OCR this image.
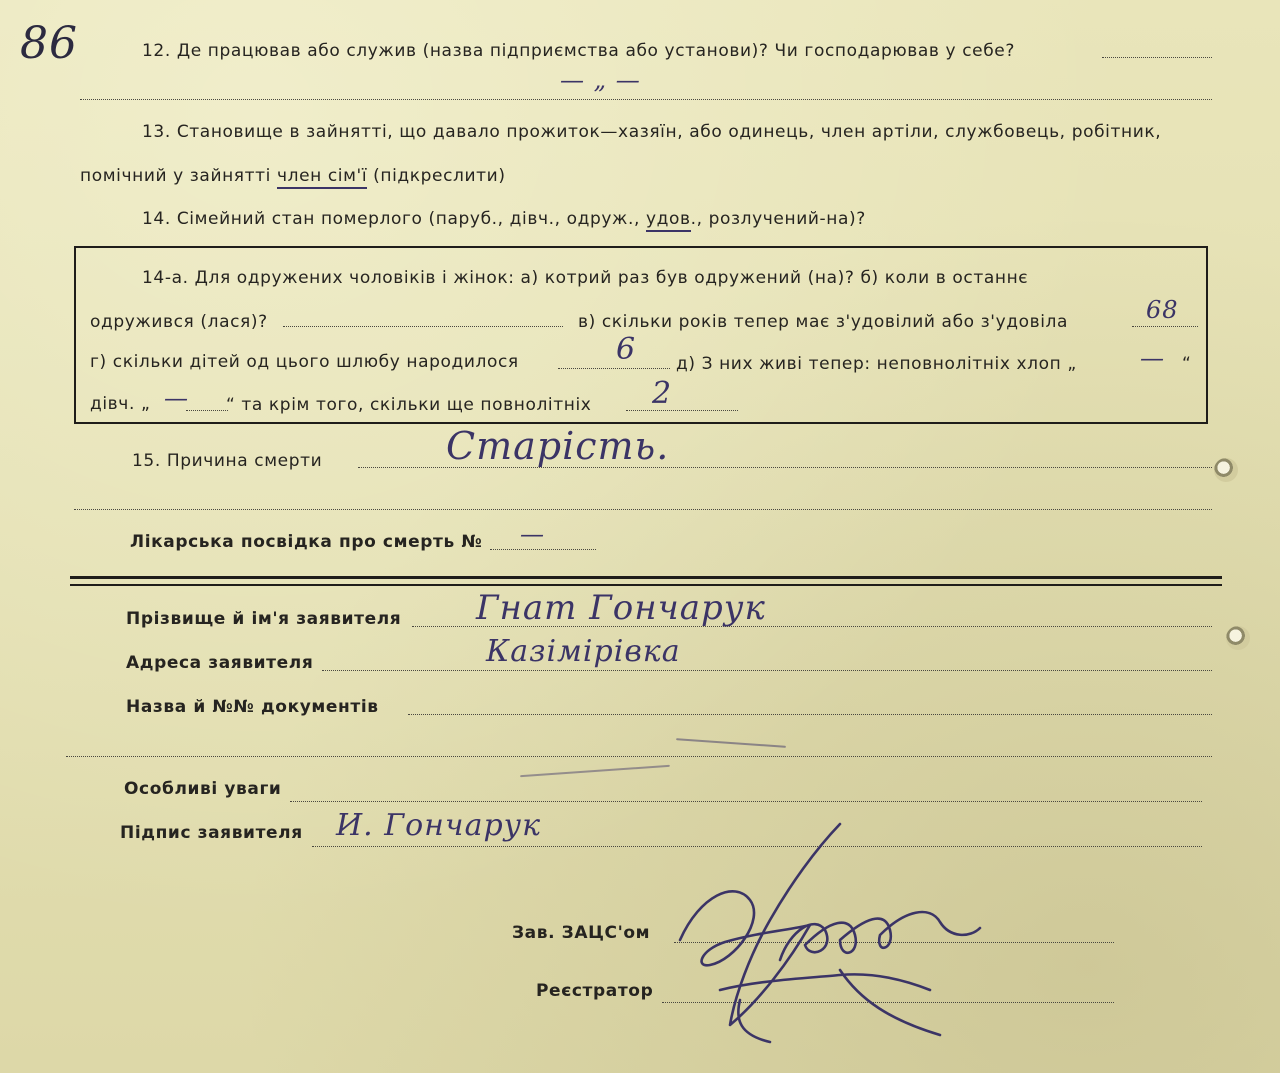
86	12. Де працював або служив (назва підприємства або установи)? Чи господарював у себе?
— „ —
13. Становище в зайнятті, що давало прожиток—хазяїн, або одинець, член артіли, службовець, робітник,
помічний у зайнятті член сім'ї (підкреслити)
14. Сімейний стан померлого (паруб., дівч., одруж., удов., розлучений-на)?
14-а. Для одружених чоловіків і жінок: а) котрий раз був одружений (на)? б) коли в останнє
одружився (лася)?	в) скільки років тепер має з'удовілий або з'удовіла	68
г) скільки дітей од цього шлюбу народилося	6 д) З них живі тепер: неповнолітніх хлоп „	— “
дівч. „ — “ та крім того, скільки ще повнолітніх 2
15. Причина смерти	Старість.
Лікарська посвідка про смерть № —
Прізвище й ім'я заявителя Гнат Гончарук
Адреса заявителя	Казімірівка
Назва й №№ документів
Особливі уваги
Підпис заявителя И. Гончарук
Зав. ЗАЦС'ом
Реєстратор
